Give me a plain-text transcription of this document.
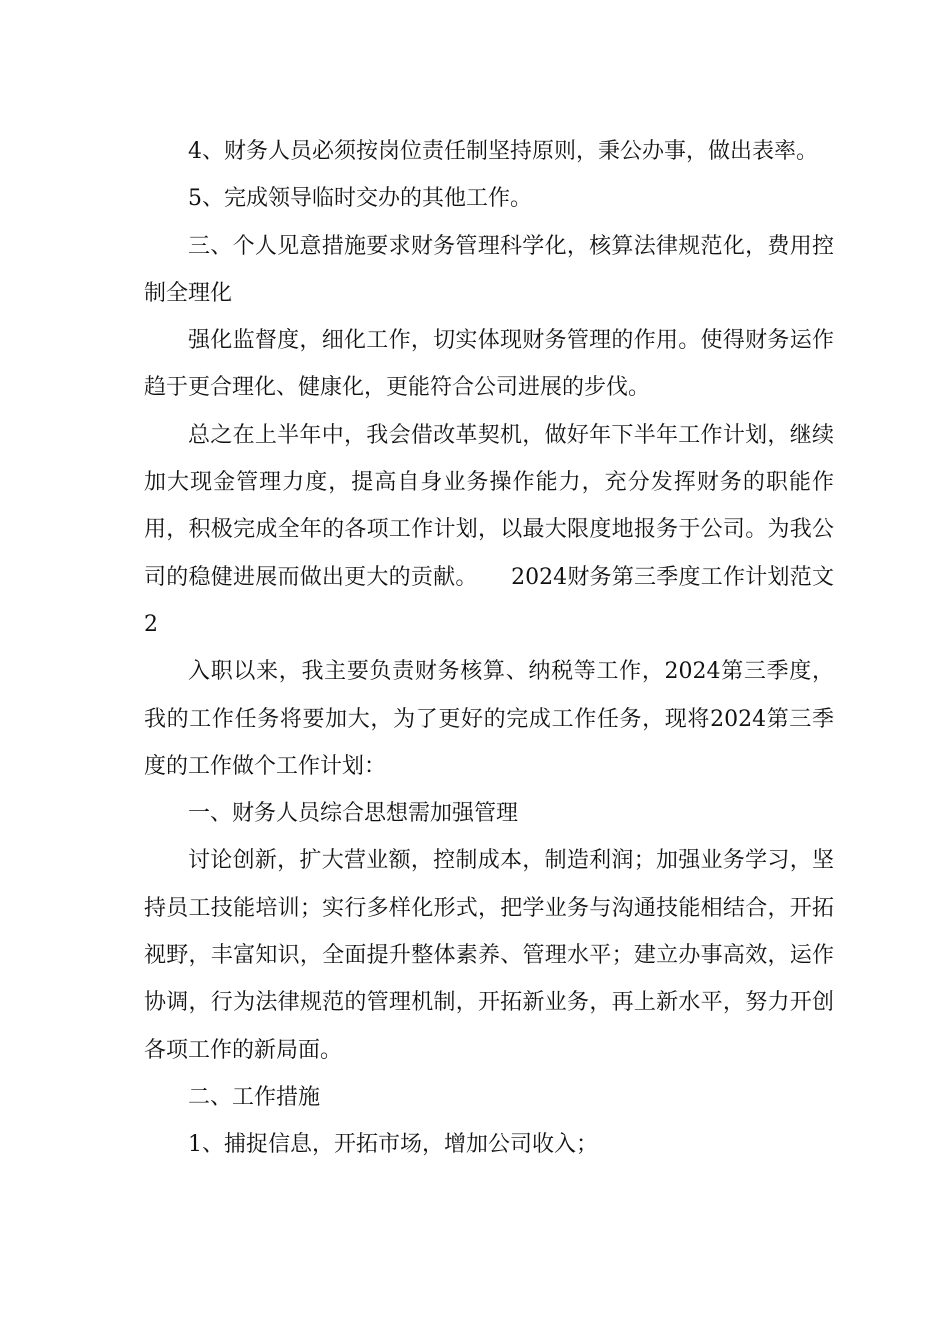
4、财务人员必须按岗位责任制坚持原则，秉公办事，做出表率。

5、完成领导临时交办的其他工作。

三、个人见意措施要求财务管理科学化，核算法律规范化，费用控制全理化

强化监督度，细化工作，切实体现财务管理的作用。使得财务运作趋于更合理化、健康化，更能符合公司进展的步伐。

总之在上半年中，我会借改革契机，做好年下半年工作计划，继续加大现金管理力度，提高自身业务操作能力，充分发挥财务的职能作用，积极完成全年的各项工作计划，以最大限度地报务于公司。为我公司的稳健进展而做出更大的贡献。　　2024财务第三季度工作计划范文2

入职以来，我主要负责财务核算、纳税等工作，2024第三季度，我的工作任务将要加大，为了更好的完成工作任务，现将2024第三季度的工作做个工作计划：

一、财务人员综合思想需加强管理

讨论创新，扩大营业额，控制成本，制造利润；加强业务学习，坚持员工技能培训；实行多样化形式，把学业务与沟通技能相结合，开拓视野，丰富知识，全面提升整体素养、管理水平；建立办事高效，运作协调，行为法律规范的管理机制，开拓新业务，再上新水平，努力开创各项工作的新局面。

二、工作措施

1、捕捉信息，开拓市场，增加公司收入；
